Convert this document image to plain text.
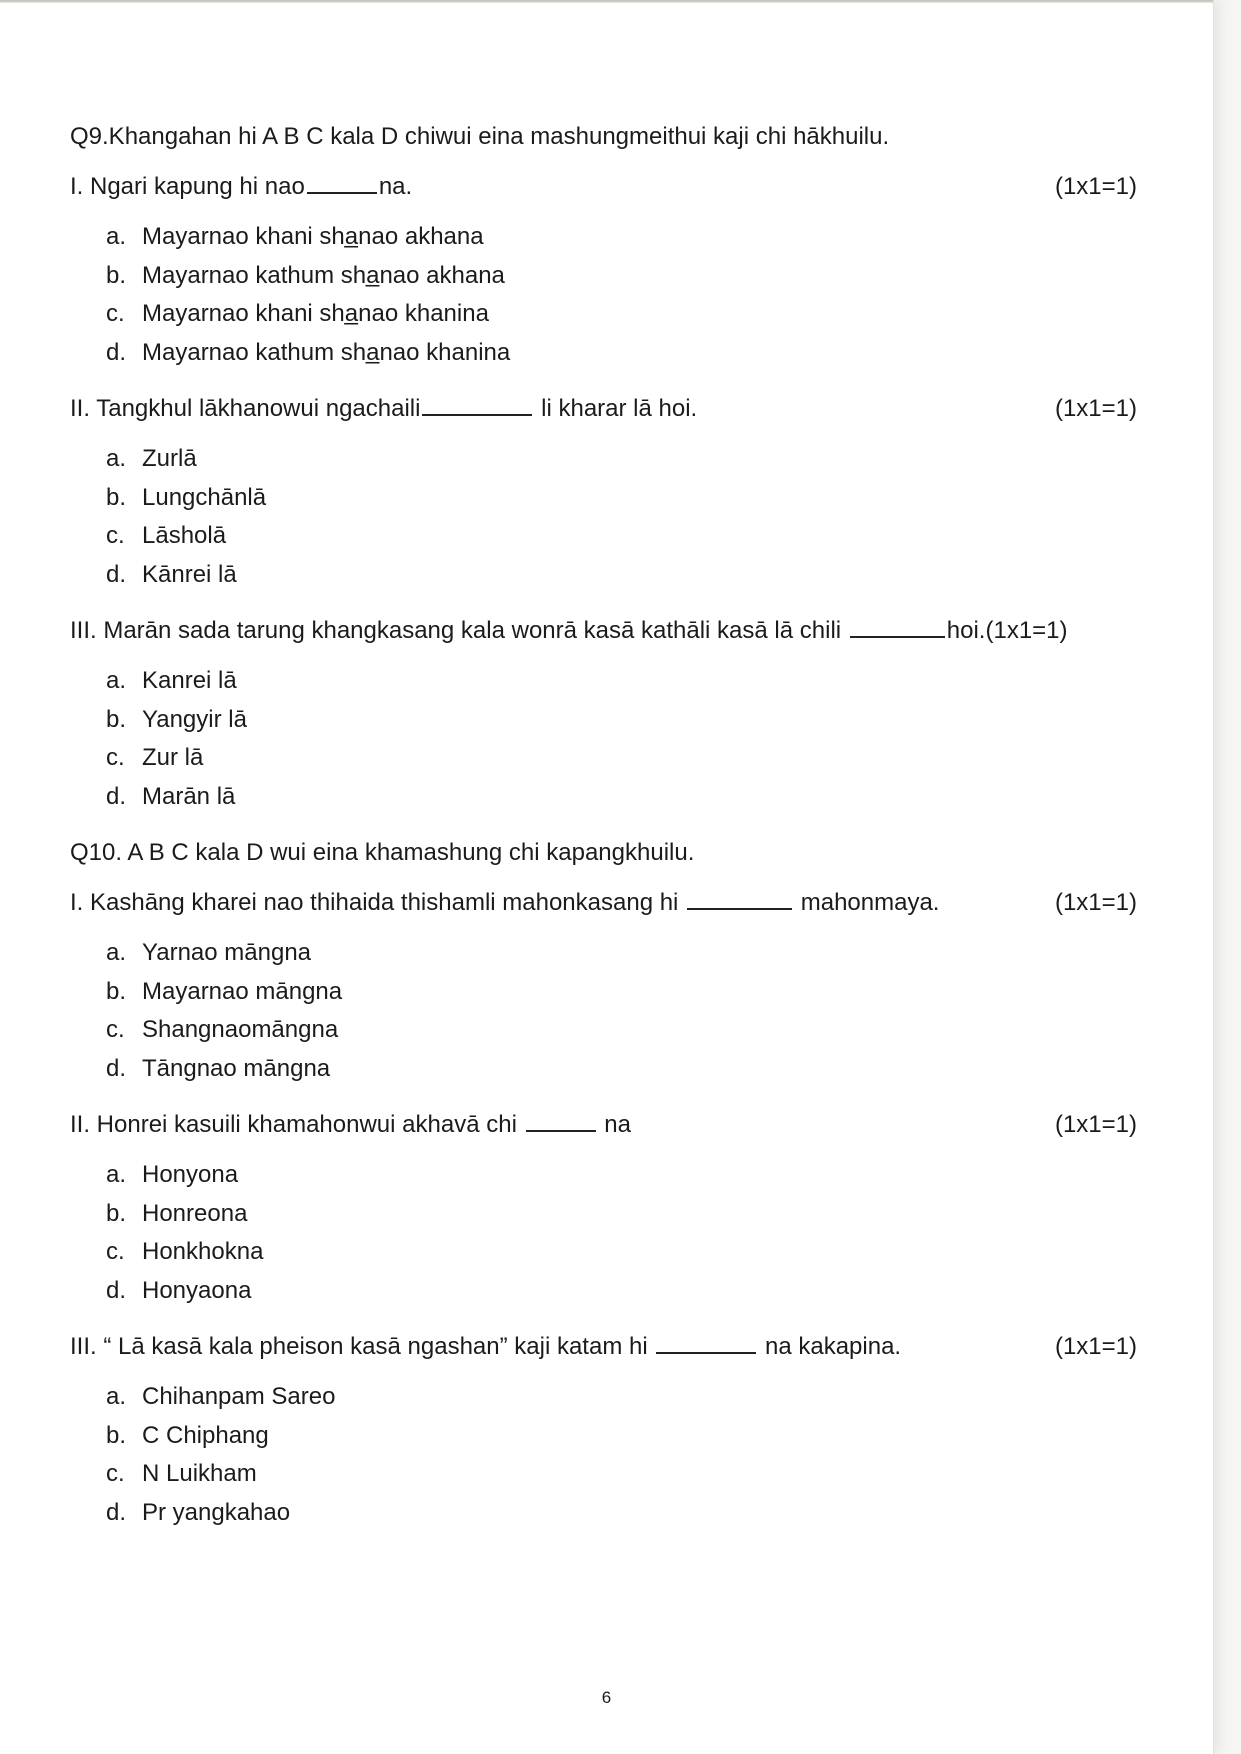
Q9.Khangahan hi A B C kala D chiwui eina mashungmeithui kaji chi hākhuilu.
I. Ngari kapung hi nao	na.	(1x1=1)
a. Mayarnao khani sha̲nao akhana
b. Mayarnao kathum sha̲nao akhana
c. Mayarnao khani sha̲nao khanina
d. Mayarnao kathum sha̲nao khanina
II. Tangkhul lākhanowui ngachaili	li kharar lā hoi.	(1x1=1)
a. Zurlā
b. Lungchānlā
c. Lāsholā
d. Kānrei lā
III. Marān sada tarung khangkasang kala wonrā kasā kathāli kasā lā chili	hoi.(1x1=1)
a. Kanrei lā
b. Yangyir lā
c. Zur lā
d. Marān lā
Q10. A B C kala D wui eina khamashung chi kapangkhuilu.
I. Kashāng kharei nao thihaida thishamli mahonkasang hi	mahonmaya.	(1x1=1)
a. Yarnao māngna
b. Mayarnao māngna
c. Shangnaomāngna
d. Tāngnao māngna
II. Honrei kasuili khamahonwui akhavā chi	na	(1x1=1)
a. Honyona
b. Honreona
c. Honkhokna
d. Honyaona
III. “ Lā kasā kala pheison kasā ngashan” kaji katam hi	na kakapina.	(1x1=1)
a. Chihanpam Sareo
b. C Chiphang
c. N Luikham
d. Pr yangkahao
6
